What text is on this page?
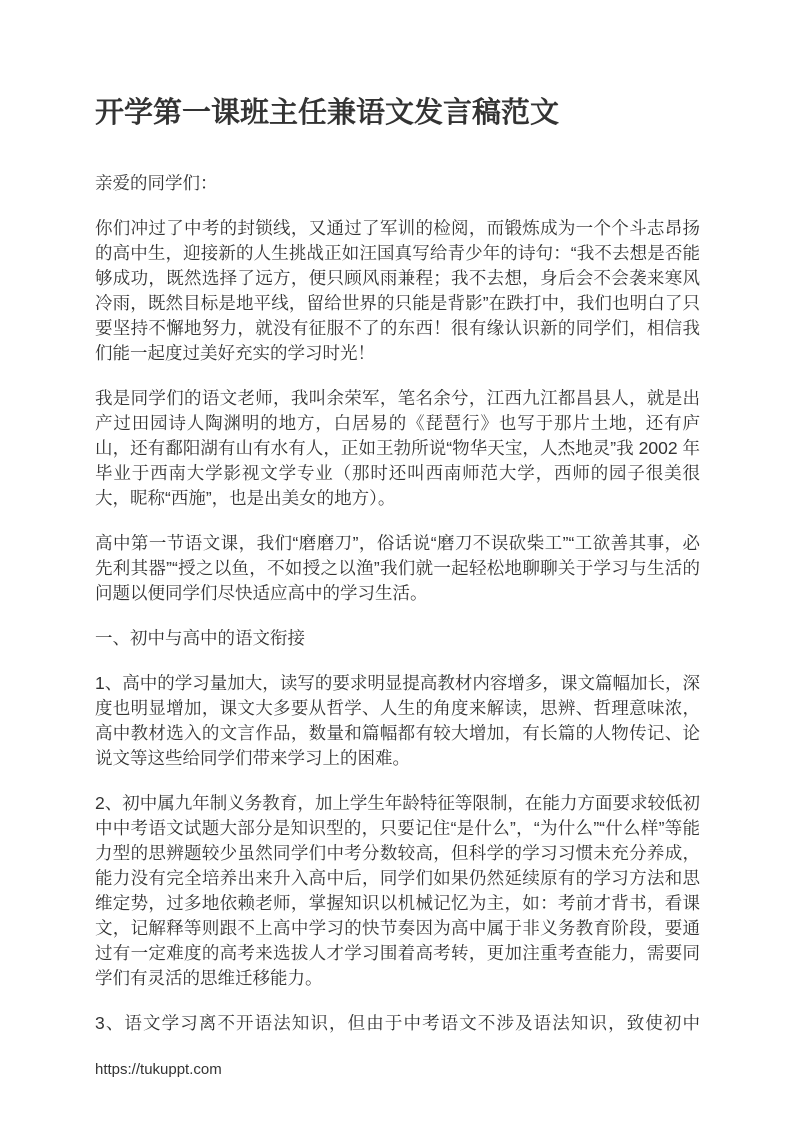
开学第一课班主任兼语文发言稿范文

亲爱的同学们：

你们冲过了中考的封锁线，又通过了军训的检阅，而锻炼成为一个个斗志昂扬的高中生，迎接新的人生挑战正如汪国真写给青少年的诗句：“我不去想是否能够成功，既然选择了远方，便只顾风雨兼程；我不去想，身后会不会袭来寒风冷雨，既然目标是地平线，留给世界的只能是背影”在跌打中，我们也明白了只要坚持不懈地努力，就没有征服不了的东西！很有缘认识新的同学们，相信我们能一起度过美好充实的学习时光！

我是同学们的语文老师，我叫余荣军，笔名余兮，江西九江都昌县人，就是出产过田园诗人陶渊明的地方，白居易的《琵琶行》也写于那片土地，还有庐山，还有鄱阳湖有山有水有人，正如王勃所说“物华天宝，人杰地灵”我 2002 年毕业于西南大学影视文学专业（那时还叫西南师范大学，西师的园子很美很大，昵称“西施”，也是出美女的地方）。

高中第一节语文课，我们“磨磨刀”，俗话说“磨刀不误砍柴工”“工欲善其事，必先利其器”“授之以鱼，不如授之以渔”我们就一起轻松地聊聊关于学习与生活的问题以便同学们尽快适应高中的学习生活。

一、初中与高中的语文衔接

1、高中的学习量加大，读写的要求明显提高教材内容增多，课文篇幅加长，深度也明显增加，课文大多要从哲学、人生的角度来解读，思辨、哲理意味浓，高中教材选入的文言作品，数量和篇幅都有较大增加，有长篇的人物传记、论说文等这些给同学们带来学习上的困难。

2、初中属九年制义务教育，加上学生年龄特征等限制，在能力方面要求较低初中中考语文试题大部分是知识型的，只要记住“是什么”，“为什么”“什么样”等能力型的思辨题较少虽然同学们中考分数较高，但科学的学习习惯未充分养成，能力没有完全培养出来升入高中后，同学们如果仍然延续原有的学习方法和思维定势，过多地依赖老师，掌握知识以机械记忆为主，如：考前才背书，看课文，记解释等则跟不上高中学习的快节奏因为高中属于非义务教育阶段，要通过有一定难度的高考来选拔人才学习围着高考转，更加注重考查能力，需要同学们有灵活的思维迁移能力。

3、语文学习离不开语法知识，但由于中考语文不涉及语法知识，致使初中

https://tukuppt.com
